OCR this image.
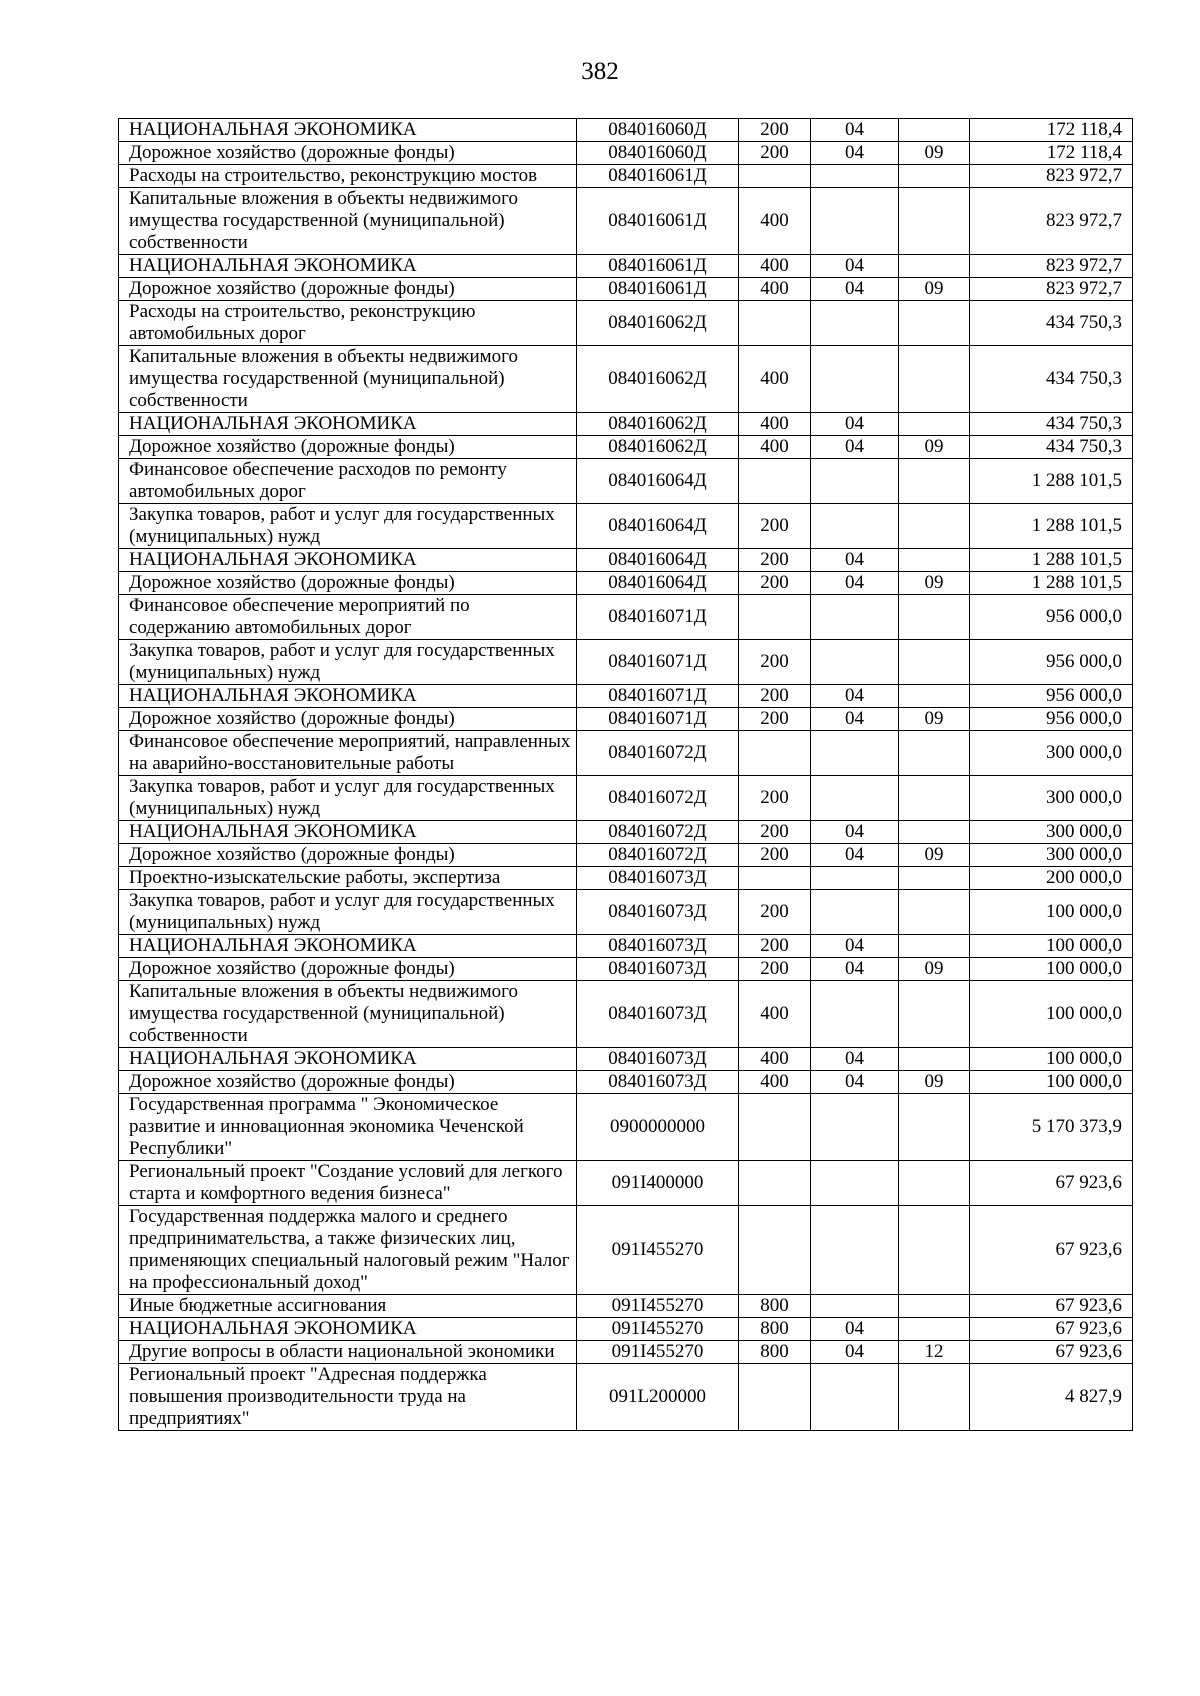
382
НАЦИОНАЛЬНАЯ ЭКОНОМИКА	084016060Д	200	04		172 118,4
Дорожное хозяйство (дорожные фонды)	084016060Д	200	04	09	172 118,4
Расходы на строительство, реконструкцию мостов	084016061Д				823 972,7
Капитальные вложения в объекты недвижимого имущества государственной (муниципальной) собственности	084016061Д	400			823 972,7
НАЦИОНАЛЬНАЯ ЭКОНОМИКА	084016061Д	400	04		823 972,7
Дорожное хозяйство (дорожные фонды)	084016061Д	400	04	09	823 972,7
Расходы на строительство, реконструкцию автомобильных дорог	084016062Д				434 750,3
Капитальные вложения в объекты недвижимого имущества государственной (муниципальной) собственности	084016062Д	400			434 750,3
НАЦИОНАЛЬНАЯ ЭКОНОМИКА	084016062Д	400	04		434 750,3
Дорожное хозяйство (дорожные фонды)	084016062Д	400	04	09	434 750,3
Финансовое обеспечение расходов по ремонту автомобильных дорог	084016064Д				1 288 101,5
Закупка товаров, работ и услуг для государственных (муниципальных) нужд	084016064Д	200			1 288 101,5
НАЦИОНАЛЬНАЯ ЭКОНОМИКА	084016064Д	200	04		1 288 101,5
Дорожное хозяйство (дорожные фонды)	084016064Д	200	04	09	1 288 101,5
Финансовое обеспечение мероприятий по содержанию автомобильных дорог	084016071Д				956 000,0
Закупка товаров, работ и услуг для государственных (муниципальных) нужд	084016071Д	200			956 000,0
НАЦИОНАЛЬНАЯ ЭКОНОМИКА	084016071Д	200	04		956 000,0
Дорожное хозяйство (дорожные фонды)	084016071Д	200	04	09	956 000,0
Финансовое обеспечение мероприятий, направленных на аварийно-восстановительные работы	084016072Д				300 000,0
Закупка товаров, работ и услуг для государственных (муниципальных) нужд	084016072Д	200			300 000,0
НАЦИОНАЛЬНАЯ ЭКОНОМИКА	084016072Д	200	04		300 000,0
Дорожное хозяйство (дорожные фонды)	084016072Д	200	04	09	300 000,0
Проектно-изыскательские работы, экспертиза	084016073Д				200 000,0
Закупка товаров, работ и услуг для государственных (муниципальных) нужд	084016073Д	200			100 000,0
НАЦИОНАЛЬНАЯ ЭКОНОМИКА	084016073Д	200	04		100 000,0
Дорожное хозяйство (дорожные фонды)	084016073Д	200	04	09	100 000,0
Капитальные вложения в объекты недвижимого имущества государственной (муниципальной) собственности	084016073Д	400			100 000,0
НАЦИОНАЛЬНАЯ ЭКОНОМИКА	084016073Д	400	04		100 000,0
Дорожное хозяйство (дорожные фонды)	084016073Д	400	04	09	100 000,0
Государственная программа " Экономическое развитие и инновационная экономика Чеченской Республики"	0900000000				5 170 373,9
Региональный проект "Создание условий для легкого старта и комфортного ведения бизнеса"	091I400000				67 923,6
Государственная поддержка малого и среднего предпринимательства, а также физических лиц, применяющих специальный налоговый режим "Налог на профессиональный доход"	091I455270				67 923,6
Иные бюджетные ассигнования	091I455270	800			67 923,6
НАЦИОНАЛЬНАЯ ЭКОНОМИКА	091I455270	800	04		67 923,6
Другие вопросы в области национальной экономики	091I455270	800	04	12	67 923,6
Региональный проект "Адресная поддержка повышения производительности труда на предприятиях"	091L200000				4 827,9
